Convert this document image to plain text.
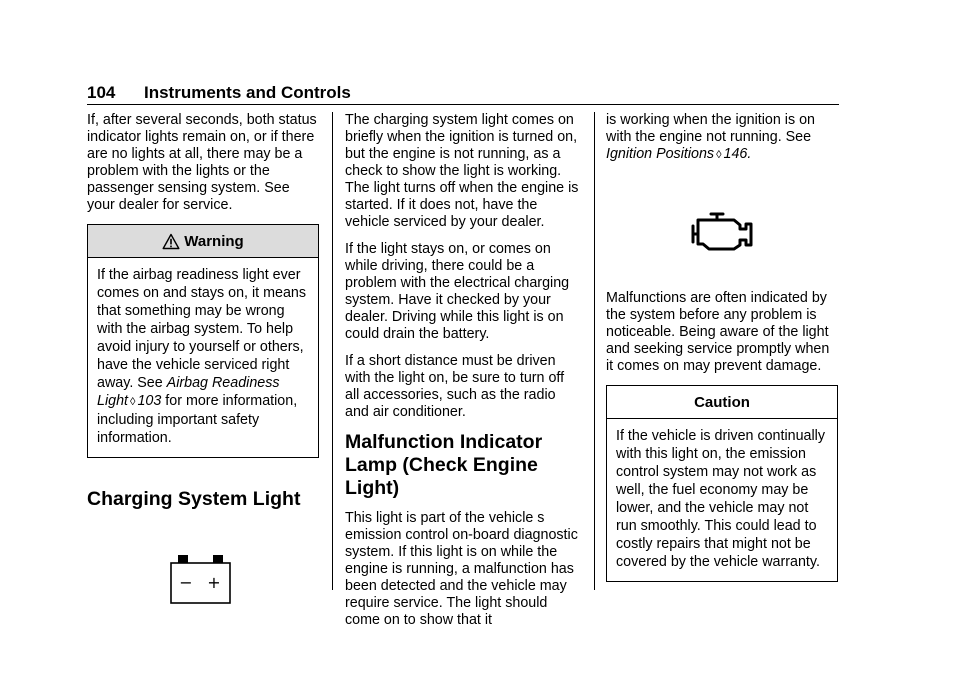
104 Instruments and Controls

If, after several seconds, both status indicator lights remain on, or if there are no lights at all, there may be a problem with the lights or the passenger sensing system. See your dealer for service.

Warning
If the airbag readiness light ever comes on and stays on, it means that something may be wrong with the airbag system. To help avoid injury to yourself or others, have the vehicle serviced right away. See Airbag Readiness Light ◊ 103 for more information, including important safety information.
Charging System Light
− +

The charging system light comes on briefly when the ignition is turned on, but the engine is not running, as a check to show the light is working. The light turns off when the engine is started. If it does not, have the vehicle serviced by your dealer.

If the light stays on, or comes on while driving, there could be a problem with the electrical charging system. Have it checked by your dealer. Driving while this light is on could drain the battery.

If a short distance must be driven with the light on, be sure to turn off all accessories, such as the radio and air conditioner.

Malfunction Indicator
Lamp (Check Engine
Light)

This light is part of the vehicle s emission control on-board diagnostic system. If this light is on while the engine is running, a malfunction has been detected and the vehicle may require service. The light should come on to show that it

is working when the ignition is on with the engine not running. See Ignition Positions ◊ 146.

Malfunctions are often indicated by the system before any problem is noticeable. Being aware of the light and seeking service promptly when it comes on may prevent damage.

Caution
If the vehicle is driven continually with this light on, the emission control system may not work as well, the fuel economy may be lower, and the vehicle may not run smoothly. This could lead to costly repairs that might not be covered by the vehicle warranty.
